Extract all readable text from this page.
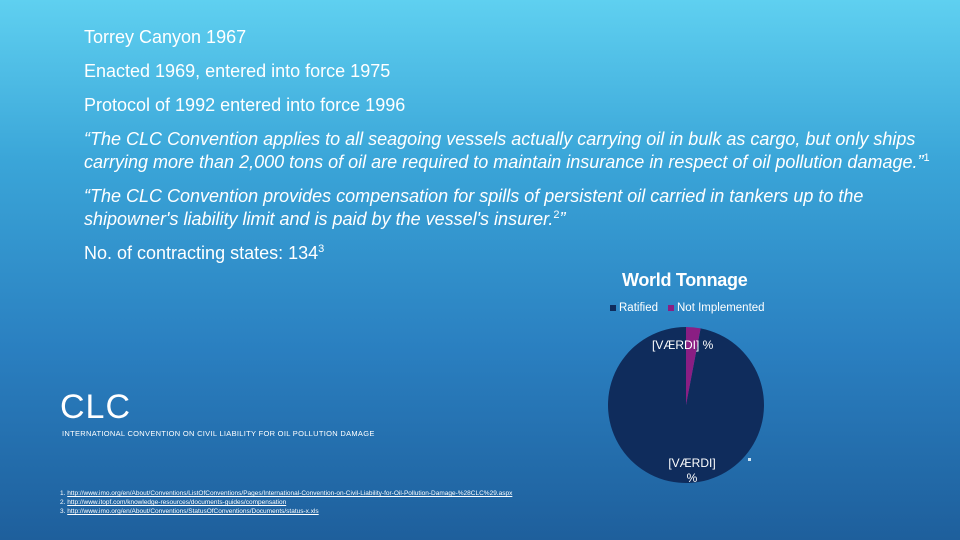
Torrey Canyon 1967
Enacted 1969, entered into force 1975
Protocol of 1992 entered into force 1996
“The CLC Convention applies to all seagoing vessels actually carrying oil in bulk as cargo, but only ships carrying more than 2,000 tons of oil are required to maintain insurance in respect of oil pollution damage.”$^1$
“The CLC Convention provides compensation for spills of persistent oil carried in tankers up to the shipowner's liability limit and is paid by the vessel's insurer.$^2$”
No. of contracting states: $134^3$
World Tonnage
Ratified	Not Implemented
[VÆRDI] %
[VÆRDI] %
CLC
INTERNATIONAL CONVENTION ON CIVIL LIABILITY FOR OIL POLLUTION DAMAGE
1. http://www.imo.org/en/About/Conventions/ListOfConventions/Pages/International-Convention-on-Civil-Liability-for-Oil-Pollution-Damage-%28CLC%29.aspx
2. http://www.itopf.com/knowledge-resources/documents-guides/compensation
3. http://www.imo.org/en/About/Conventions/StatusOfConventions/Documents/status-x.xls
